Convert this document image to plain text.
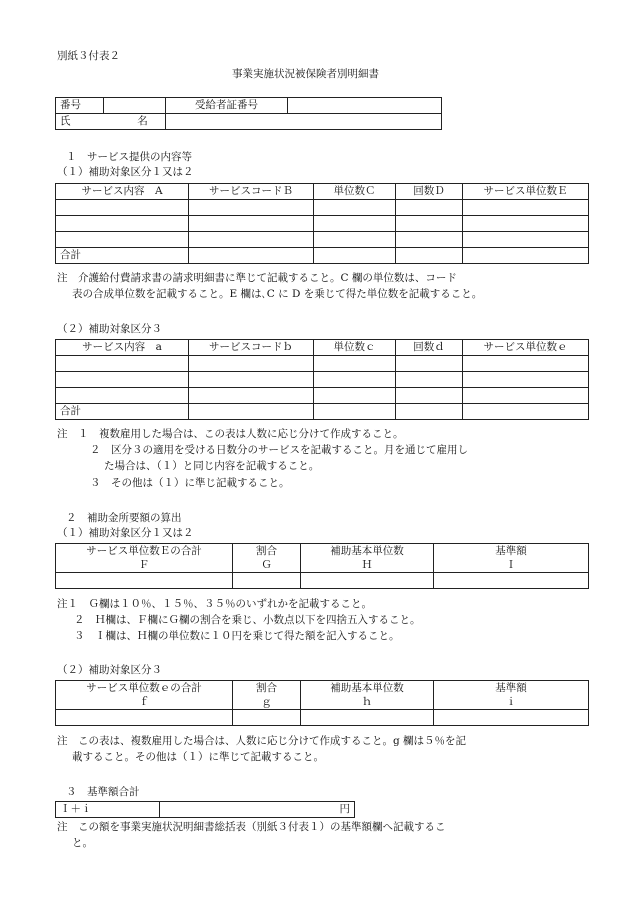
別紙３付表２
事業実施状況被保険者別明細書
番号		受給者証番号	
氏 名			
１　サービス提供の内容等
（１）補助対象区分１又は２
サービス内容　A	サービスコードＢ	単位数Ｃ	回数Ｄ	サービス単位数Ｅ

合計				
注　介護給付費請求書の請求明細書に準じて記載すること。C 欄の単位数は、コード
表の合成単位数を記載すること。E 欄は､C に D を乗じて得た単位数を記載すること。
（２）補助対象区分３
サービス内容　a	サービスコードｂ	単位数ｃ	回数ｄ	サービス単位数ｅ

合計				
注　１　複数雇用した場合は、この表は人数に応じ分けて作成すること。
２　区分３の適用を受ける日数分のサービスを記載すること。月を通じて雇用し
た場合は、（１）と同じ内容を記載すること。
３　その他は（１）に準じ記載すること。
２　補助金所要額の算出
（１）補助対象区分１又は２
サービス単位数Ｅの合計
Ｆ	割合
Ｇ	補助基本単位数
Ｈ	基準額
Ｉ

注１　Ｇ欄は１０％、１５％、３５％のいずれかを記載すること。
２　Ｈ欄は、Ｆ欄にＧ欄の割合を乗じ、小数点以下を四捨五入すること。
３　Ｉ欄は、Ｈ欄の単位数に１０円を乗じて得た額を記入すること。
（２）補助対象区分３
サービス単位数ｅの合計
ｆ	割合
ｇ	補助基本単位数
ｈ	基準額
ｉ

注　この表は、複数雇用した場合は、人数に応じ分けて作成すること。g 欄は５％を記
載すること。その他は（１）に準じて記載すること。
３　基準額合計
Ｉ＋ｉ	円
注　この額を事業実施状況明細書総括表（別紙３付表１）の基準額欄へ記載するこ
と。
